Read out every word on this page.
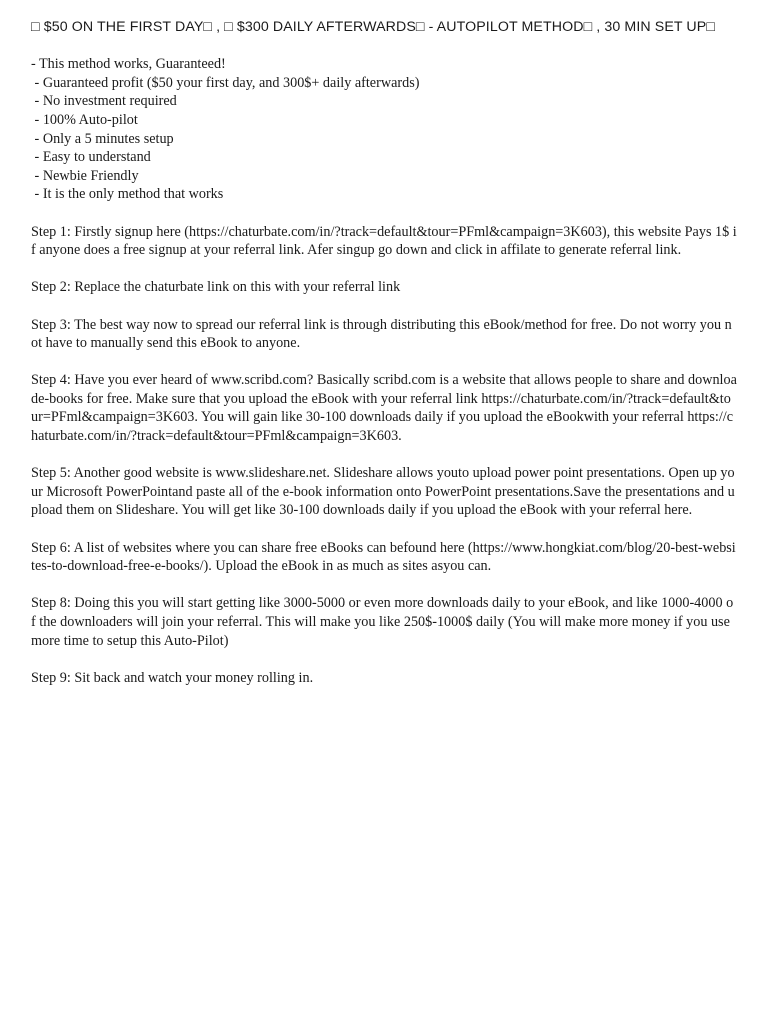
□ $50 ON THE FIRST DAY□ , □ $300 DAILY AFTERWARDS□ - AUTOPILOT METHOD□ , 30 MIN SET UP□

- This method works, Guaranteed!
- Guaranteed profit ($50 your first day, and 300$+ daily afterwards)
- No investment required
- 100% Auto-pilot
- Only a 5 minutes setup
- Easy to understand
- Newbie Friendly
- It is the only method that works

Step 1: Firstly signup here (https://chaturbate.com/in/?track=default&tour=PFml&campaign=3K603), this website Pays 1$ if anyone does a free signup at your referral link. Afer singup go down and click in affilate to generate referral link.

Step 2: Replace the chaturbate link on this with your referral link

Step 3: The best way now to spread our referral link is through distributing this eBook/method for free. Do not worry you not have to manually send this eBook to anyone.

Step 4: Have you ever heard of www.scribd.com? Basically scribd.com is a website that allows people to share and downloade-books for free. Make sure that you upload the eBook with your referral link https://chaturbate.com/in/?track=default&tour=PFml&campaign=3K603. You will gain like 30-100 downloads daily if you upload the eBookwith your referral https://chaturbate.com/in/?track=default&tour=PFml&campaign=3K603.

Step 5: Another good website is www.slideshare.net. Slideshare allows youto upload power point presentations. Open up your Microsoft PowerPointand paste all of the e-book information onto PowerPoint presentations.Save the presentations and upload them on Slideshare. You will get like 30-100 downloads daily if you upload the eBook with your referral here.

Step 6: A list of websites where you can share free eBooks can befound here (https://www.hongkiat.com/blog/20-best-websites-to-download-free-e-books/). Upload the eBook in as much as sites asyou can.

Step 8: Doing this you will start getting like 3000-5000 or even more downloads daily to your eBook, and like 1000-4000 of the downloaders will join your referral. This will make you like 250$-1000$ daily (You will make more money if you use more time to setup this Auto-Pilot)

Step 9: Sit back and watch your money rolling in.
